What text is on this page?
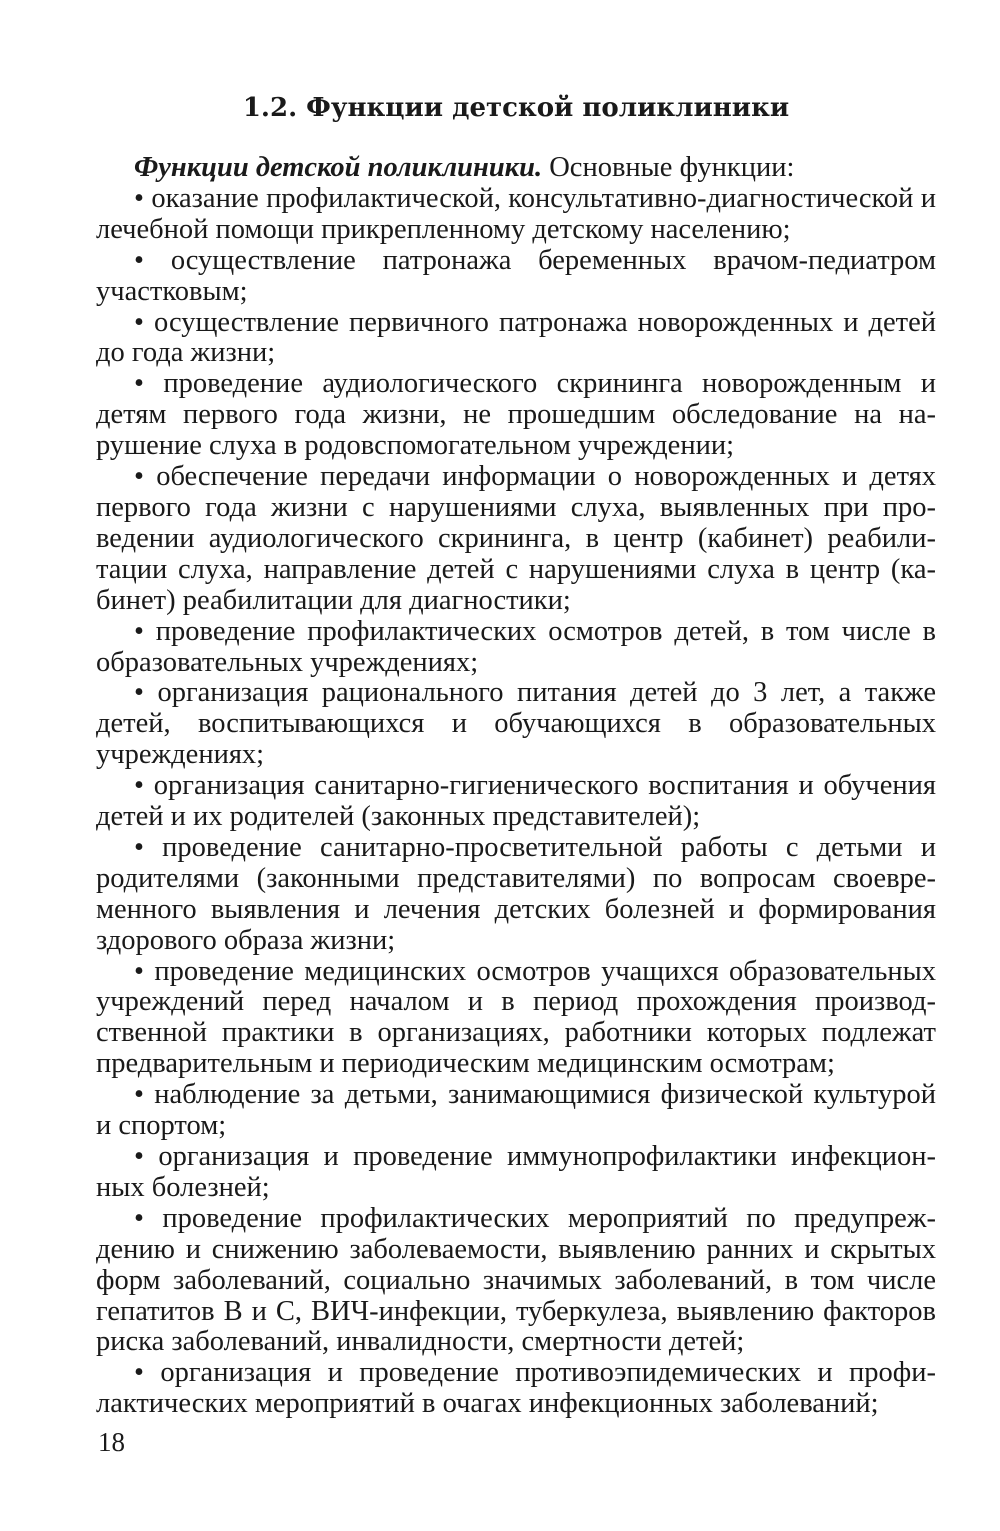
1.2. Функции детской поликлиники

Функции детской поликлиники. Основные функции:

• оказание профилактической, консультативно-диагностической и лечебной помощи прикрепленному детскому населению;

• осуществление патронажа беременных врачом-педиатром участковым;

• осуществление первичного патронажа новорожденных и детей до года жизни;

• проведение аудиологического скрининга новорожденным и детям первого года жизни, не прошедшим обследование на нарушение слуха в родовспомогательном учреждении;

• обеспечение передачи информации о новорожденных и детях первого года жизни с нарушениями слуха, выявленных при проведении аудиологического скрининга, в центр (кабинет) реабилитации слуха, направление детей с нарушениями слуха в центр (кабинет) реабилитации для диагностики;

• проведение профилактических осмотров детей, в том числе в образовательных учреждениях;

• организация рационального питания детей до 3 лет, а также детей, воспитывающихся и обучающихся в образовательных учреждениях;

• организация санитарно-гигиенического воспитания и обучения детей и их родителей (законных представителей);

• проведение санитарно-просветительной работы с детьми и родителями (законными представителями) по вопросам своевременного выявления и лечения детских болезней и формирования здорового образа жизни;

• проведение медицинских осмотров учащихся образовательных учреждений перед началом и в период прохождения производственной практики в организациях, работники которых подлежат предварительным и периодическим медицинским осмотрам;

• наблюдение за детьми, занимающимися физической культурой и спортом;

• организация и проведение иммунопрофилактики инфекционных болезней;

• проведение профилактических мероприятий по предупреждению и снижению заболеваемости, выявлению ранних и скрытых форм заболеваний, социально значимых заболеваний, в том числе гепатитов В и С, ВИЧ-инфекции, туберкулеза, выявлению факторов риска заболеваний, инвалидности, смертности детей;

• организация и проведение противоэпидемических и профилактических мероприятий в очагах инфекционных заболеваний;

18
